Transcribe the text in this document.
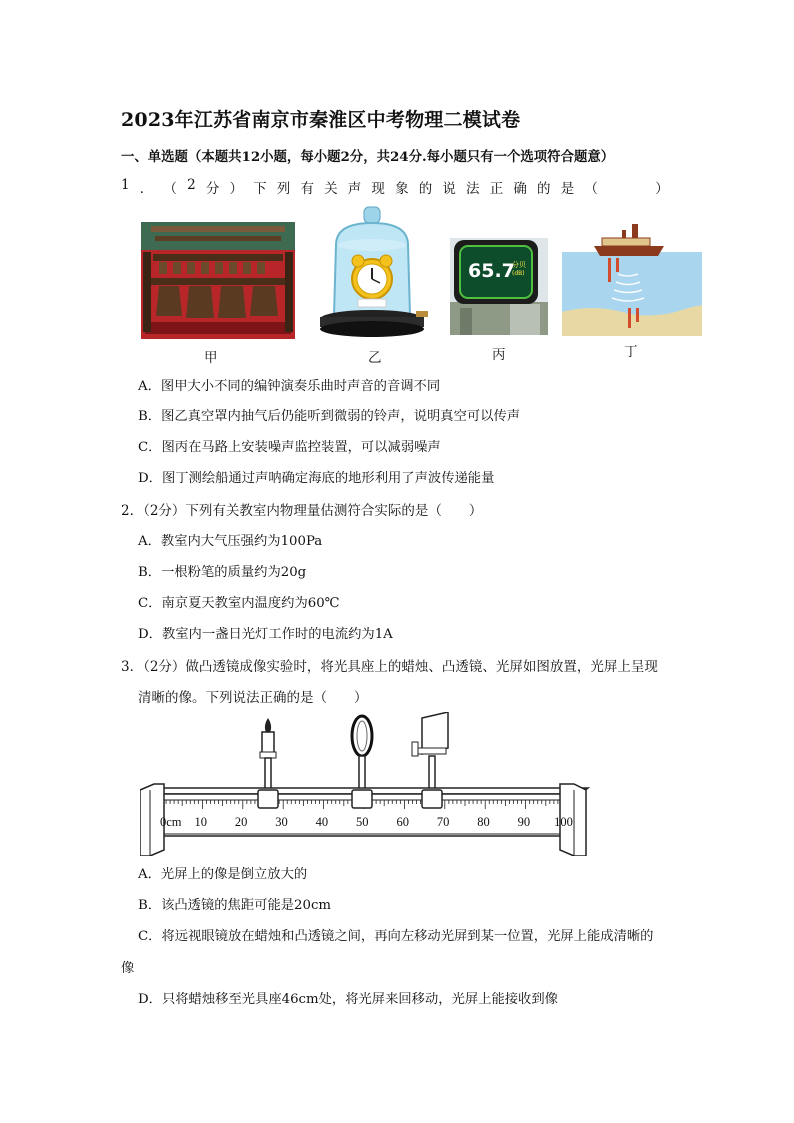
2023年江苏省南京市秦淮区中考物理二模试卷
一、单选题（本题共12小题，每小题2分，共24分.每小题只有一个选项符合题意）
1 ． （ 2 分 ） 下 列 有 关 声 现 象 的 说 法 正 确 的 是 （

　	）
甲	乙
65.7
分贝
(dB)
丙	丁
A．图甲大小不同的编钟演奏乐曲时声音的音调不同
B．图乙真空罩内抽气后仍能听到微弱的铃声，说明真空可以传声
C．图丙在马路上安装噪声监控装置，可以减弱噪声
D．图丁测绘船通过声呐确定海底的地形利用了声波传递能量
2．（2分）下列有关教室内物理量估测符合实际的是（　　）
A．教室内大气压强约为100Pa
B．一根粉笔的质量约为20g
C．南京夏天教室内温度约为60℃
D．教室内一盏日光灯工作时的电流约为1A
3．（2分）做凸透镜成像实验时，将光具座上的蜡烛、凸透镜、光屏如图放置，光屏上呈现
清晰的像。下列说法正确的是（　　）
0cm 10 20 30 40 50 60 70 80 90 100
A．光屏上的像是倒立放大的
B．该凸透镜的焦距可能是20cm
C．将远视眼镜放在蜡烛和凸透镜之间，再向左移动光屏到某一位置，光屏上能成清晰的
像
D．只将蜡烛移至光具座46cm处，将光屏来回移动，光屏上能接收到像
